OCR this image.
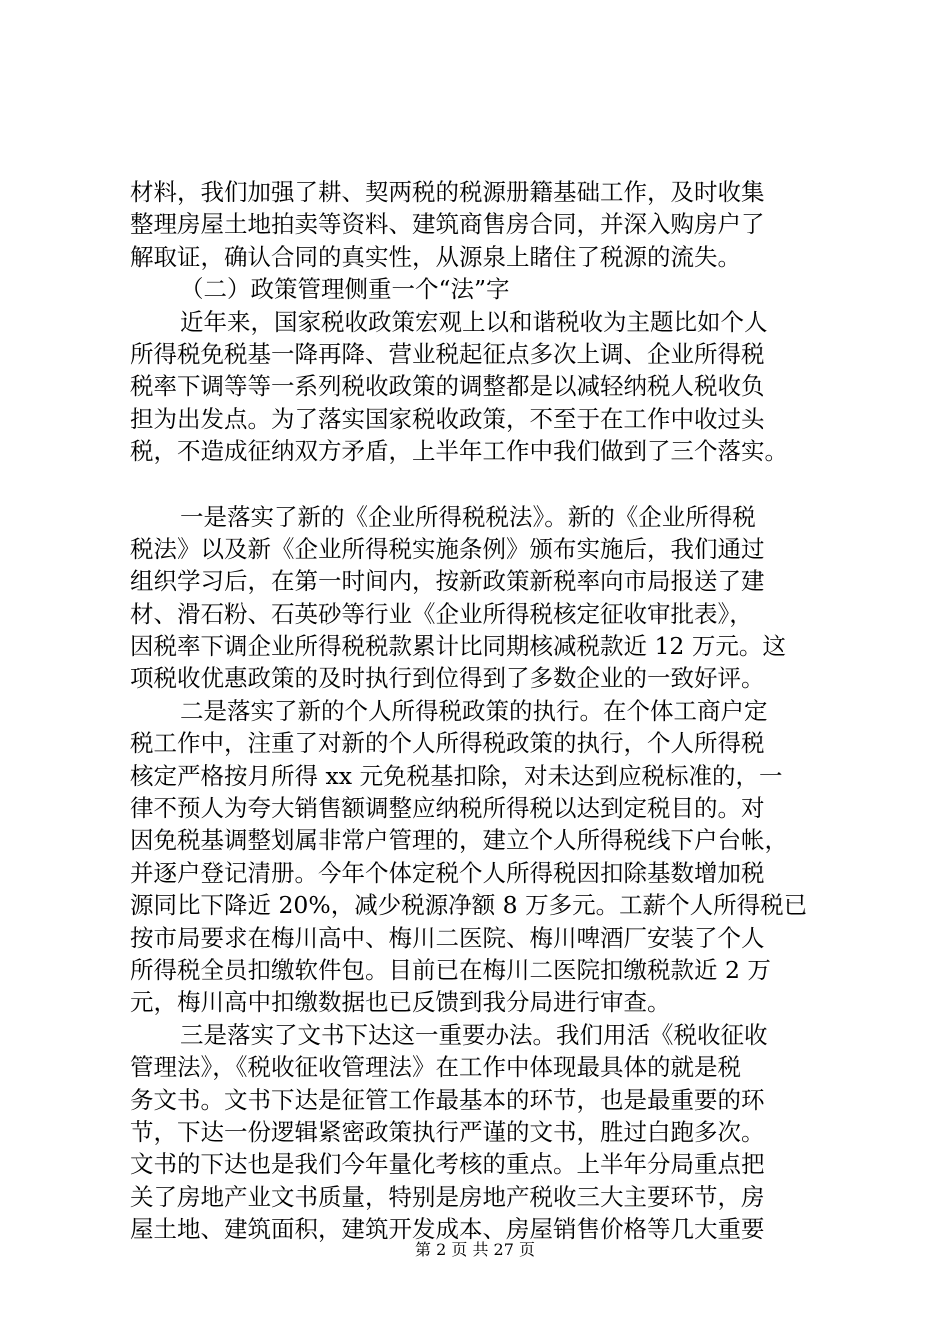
材料，我们加强了耕、契两税的税源册籍基础工作，及时收集
整理房屋土地拍卖等资料、建筑商售房合同，并深入购房户了
解取证，确认合同的真实性，从源泉上睹住了税源的流失。
（二）政策管理侧重一个“法”字
近年来，国家税收政策宏观上以和谐税收为主题比如个人
所得税免税基一降再降、营业税起征点多次上调、企业所得税
税率下调等等一系列税收政策的调整都是以减轻纳税人税收负
担为出发点。为了落实国家税收政策，不至于在工作中收过头
税，不造成征纳双方矛盾，上半年工作中我们做到了三个落实。
一是落实了新的《企业所得税税法》。新的《企业所得税
税法》以及新《企业所得税实施条例》颁布实施后，我们通过
组织学习后，在第一时间内，按新政策新税率向市局报送了建
材、滑石粉、石英砂等行业《企业所得税核定征收审批表》，
因税率下调企业所得税税款累计比同期核减税款近 12 万元。这
项税收优惠政策的及时执行到位得到了多数企业的一致好评。
二是落实了新的个人所得税政策的执行。在个体工商户定
税工作中，注重了对新的个人所得税政策的执行，个人所得税
核定严格按月所得 xx 元免税基扣除，对未达到应税标准的，一
律不预人为夸大销售额调整应纳税所得税以达到定税目的。对
因免税基调整划属非常户管理的，建立个人所得税线下户台帐，
并逐户登记清册。今年个体定税个人所得税因扣除基数增加税
源同比下降近 20%，减少税源净额 8 万多元。工薪个人所得税已
按市局要求在梅川高中、梅川二医院、梅川啤酒厂安装了个人
所得税全员扣缴软件包。目前已在梅川二医院扣缴税款近 2 万
元，梅川高中扣缴数据也已反馈到我分局进行审查。
三是落实了文书下达这一重要办法。我们用活《税收征收
管理法》，《税收征收管理法》在工作中体现最具体的就是税
务文书。文书下达是征管工作最基本的环节，也是最重要的环
节，下达一份逻辑紧密政策执行严谨的文书，胜过白跑多次。
文书的下达也是我们今年量化考核的重点。上半年分局重点把
关了房地产业文书质量，特别是房地产税收三大主要环节，房
屋土地、建筑面积，建筑开发成本、房屋销售价格等几大重要
第 2 页 共 27 页
